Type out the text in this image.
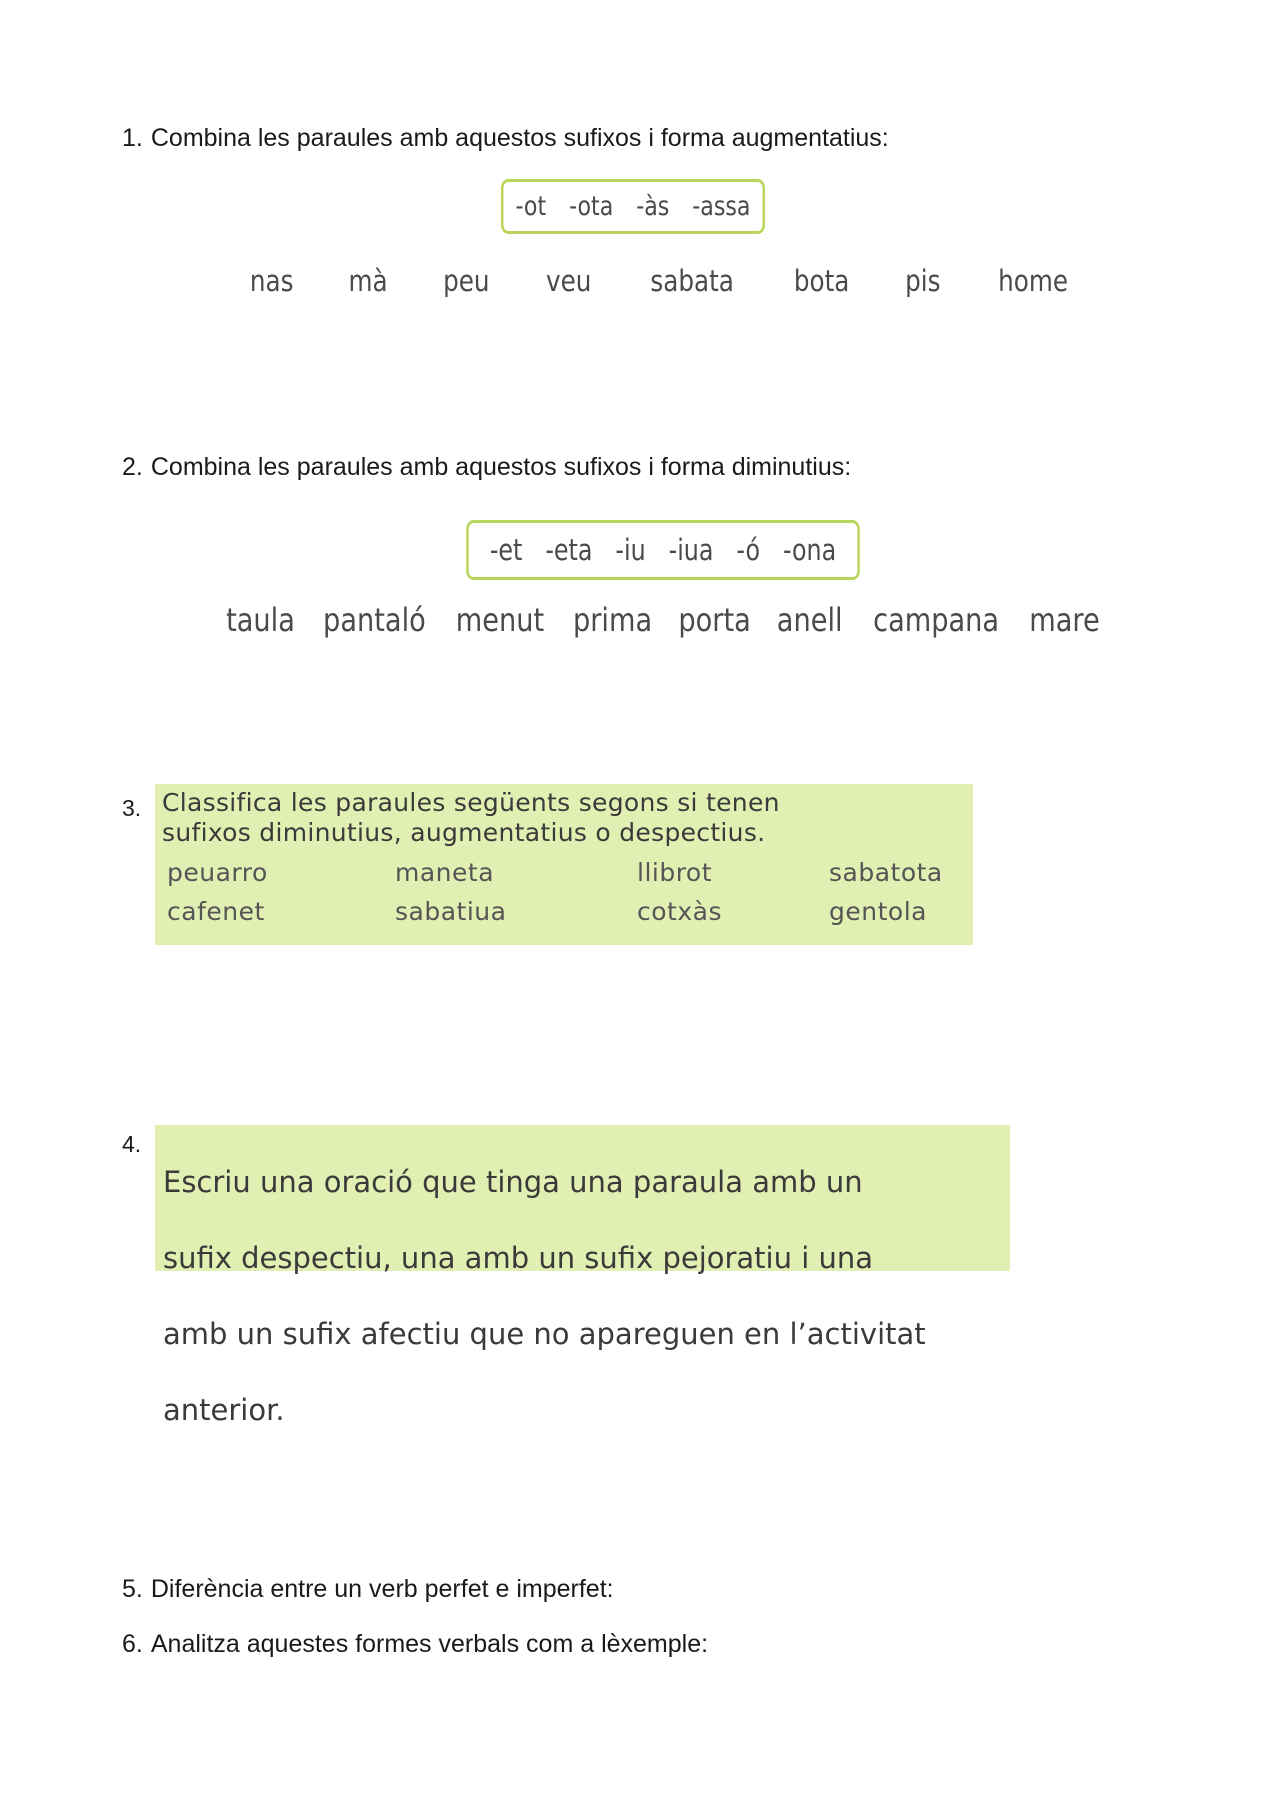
1. Combina les paraules amb aquestos sufixos i forma augmentatius:
-ot -ota -às -assa
nas mà peu veu sabata bota pis home
2. Combina les paraules amb aquestos sufixos i forma diminutius:
-et -eta -iu -iua -ó -ona
taula pantaló menut prima porta anell campana mare
3. Classifica les paraules següents segons si tenen
sufixos diminutius, augmentatius o despectius.
peuarro	maneta	llibrot	sabatota
cafenet	sabatiua	cotxàs	gentola
4.

Escriu una oració que tinga una paraula amb un

sufix despectiu, una amb un sufix pejoratiu i una

amb un sufix afectiu que no apareguen en l’activitat

anterior.

5. Diferència entre un verb perfet e imperfet:
6. Analitza aquestes formes verbals com a lèxemple:
